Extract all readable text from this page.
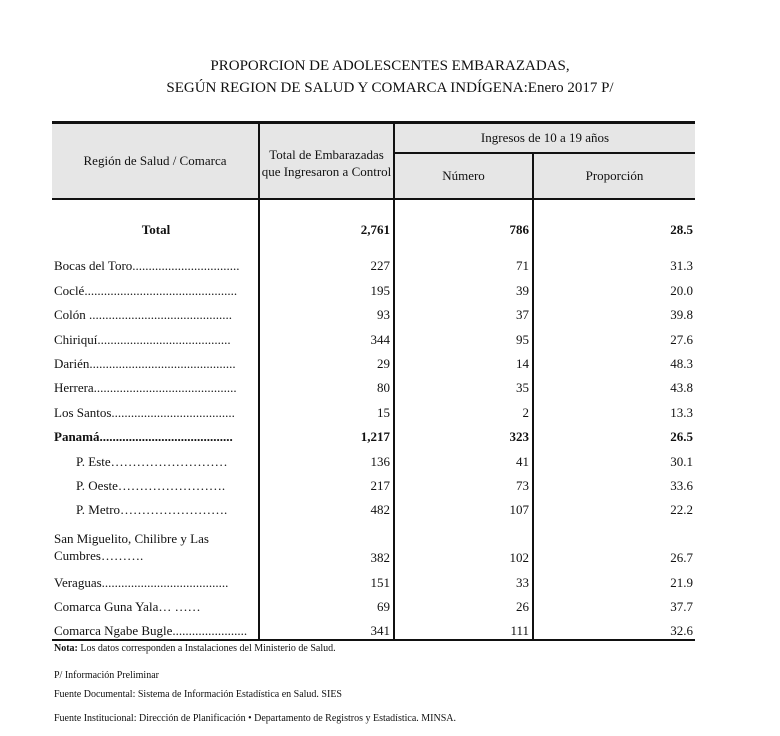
PROPORCION DE ADOLESCENTES EMBARAZADAS,
SEGÚN REGION DE SALUD Y COMARCA INDÍGENA:Enero 2017 P/
Región de Salud / Comarca	Total de Embarazadas que Ingresaron a Control	Ingresos de 10 a 19 años	
		Número	Proporción

Total	2,761	786	28.5
Bocas del Toro.................................	227	71	31.3
Coclé...............................................	195	39	20.0
Colón ............................................	93	37	39.8
Chiriquí.........................................	344	95	27.6
Darién.............................................	29	14	48.3
Herrera............................................	80	35	43.8
Los Santos......................................	15	2	13.3
Panamá.........................................	1,217	323	26.5
P. Este………………………	136	41	30.1
P. Oeste…………………….	217	73	33.6
P. Metro…………………….	482	107	22.2
San Miguelito, Chilibre y Las Cumbres……….	382	102	26.7
Veraguas.......................................	151	33	21.9
Comarca Guna Yala… ……	69	26	37.7
Comarca Ngabe Bugle.......................	341	111	32.6
Nota: Los datos corresponden a Instalaciones del Ministerio de Salud.
P/ Información Preliminar
Fuente Documental: Sistema de Información Estadística en Salud. SIES
Fuente Institucional: Dirección de Planificación • Departamento de Registros y Estadística. MINSA.
